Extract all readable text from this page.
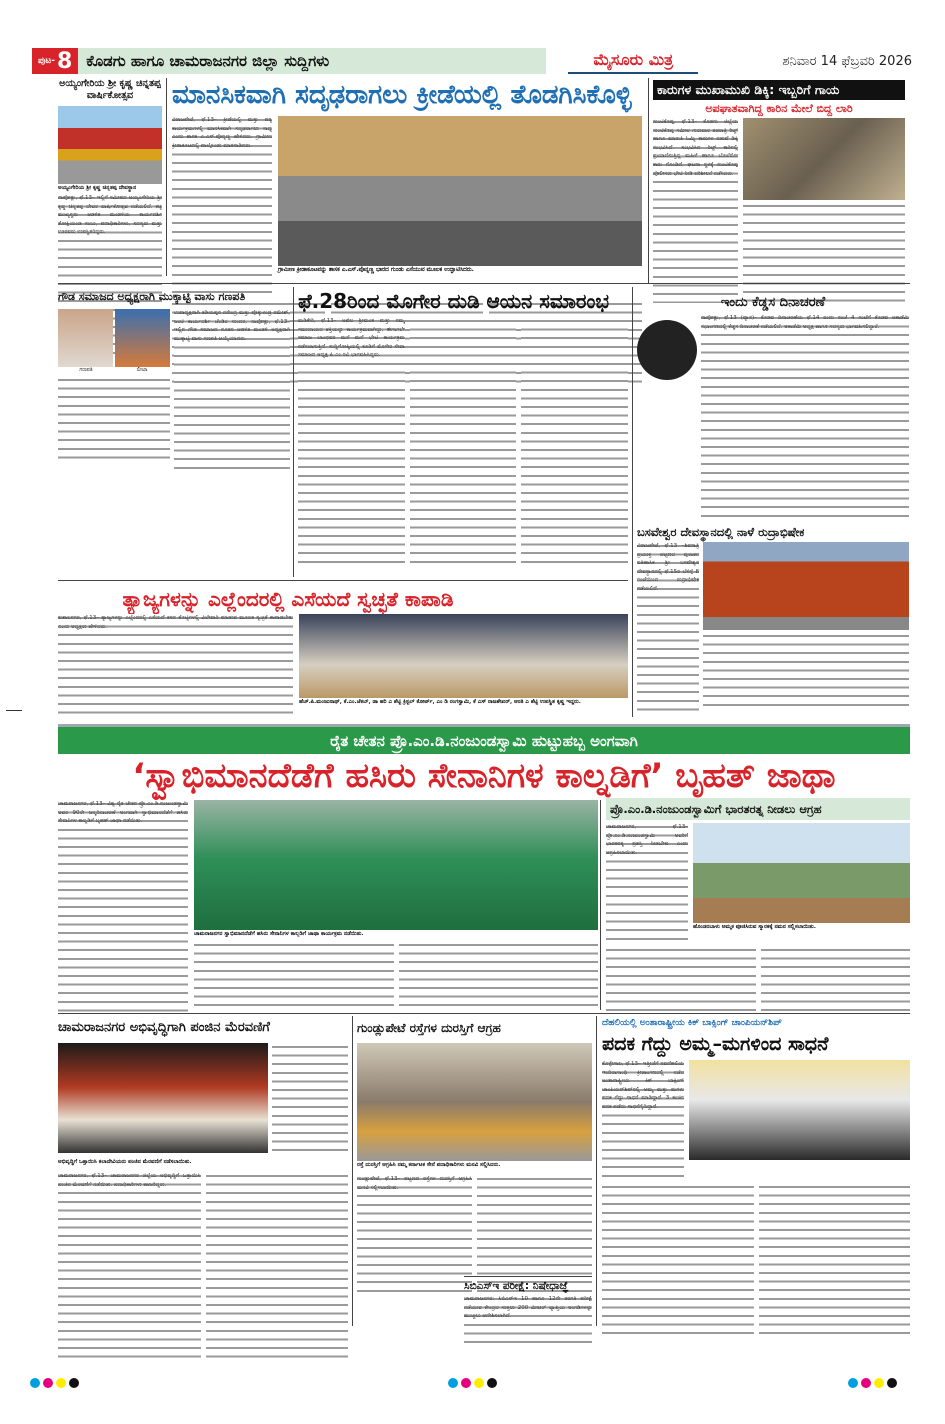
ಪುಟ- 8 ಕೊಡಗು ಹಾಗೂ ಚಾಮರಾಜನಗರ ಜಿಲ್ಲಾ ಸುದ್ದಿಗಳು	ಮೈಸೂರು ಮಿತ್ರ	ಶನಿವಾರ 14 ಫೆಬ್ರವರಿ 2026
ಅಯ್ಯಂಗೇರಿಯ ಶ್ರೀ ಕೃಷ್ಣ ಚಿನ್ನತಪ್ಪ ವಾರ್ಷಿಕೋತ್ಸವ
ಅಯ್ಯಂಗೇರಿಯ ಶ್ರೀ ಕೃಷ್ಣ ಚಿನ್ನತಪ್ಪ ದೇವಸ್ಥಾನ
ನಾಪೋಕ್ಲು, ಫೆ.13– ಇಲ್ಲಿಗೆ ಸಮೀಪದ ಅಯ್ಯಂಗೇರಿಯ ಶ್ರೀ ಕೃಷ್ಣ ಚಿನ್ನತಪ್ಪ ದೇವರ ವಾರ್ಷಿಕೋತ್ಸವ ನಡೆಯಲಿದೆ. ಕಟ್ಟ ಮುಖ್ಯಸ್ಥರು ಆಡಳಿತ ಮಂಡಳಿಯ ಕಾರ್ಯದರ್ಶಿ ತೋಕ್ಷಿಯಂಡ ಸಂಬು, ಪದಾಧಿಕಾರಿಗಳು, ಸದಸ್ಯರು ಮತ್ತು ಊರವರು ಉಪಸ್ಥಿತರಿದ್ದರು.
ಮಾನಸಿಕವಾಗಿ ಸದೃಢರಾಗಲು ಕ್ರೀಡೆಯಲ್ಲಿ ತೊಡಗಿಸಿಕೊಳ್ಳಿ
ವಿರಾಜಪೇಟೆ, ಫೆ.13– ಕ್ರೀಡೆಯಲ್ಲಿ ಮತ್ತು ಪಠ್ಯ ಕಾರ್ಯಕ್ರಮಗಳಲ್ಲಿ ಮಾನಸಿಕವಾಗಿ ಸದೃಢರಾಗಲು ಸಾಧ್ಯ ಎಂದು ಶಾಸಕ ಎ.ಎಸ್.ಪೊನ್ನಣ್ಣ ಹೇಳಿದರು. ಗ್ರಾಮೀಣ ಕ್ರೀಡಾಕೂಟದಲ್ಲಿ ಪಾಲ್ಗೊಂಡು ಮಾತನಾಡಿದರು.
ಗ್ರಾಮೀಣ ಕ್ರೀಡಾಕೂಟವನ್ನು ಶಾಸಕ ಎ.ಎಸ್.ಪೊನ್ನಣ್ಣ ಭಾರದ ಗುಂಡು ಎಸೆಯುವ ಮೂಲಕ ಉದ್ಘಾಟಿಸಿದರು.
ಕಾರುಗಳ ಮುಖಾಮುಖಿ ಡಿಕ್ಕಿ: ಇಬ್ಬರಿಗೆ ಗಾಯ
ಅಪಘಾತವಾಗಿದ್ದ ಕಾರಿನ ಮೇಲೆ ಬಿದ್ದ ಲಾರಿ
ಸುಂಟಿಕೊಪ್ಪ, ಫೆ.13– ಕೊಡಗು ಜಿಲ್ಲೆಯ ಸುಂಟಿಕೊಪ್ಪ ಸಮೀಪ ಗುರುವಾರ ತಡರಾತ್ರಿ ರಿಟ್ಜ್ ಹಾಗೂ ಮಾರುತಿ ಓಮ್ನಿ ಕಾರುಗಳ ನಡುವೆ ಡಿಕ್ಕಿ ಸಂಭವಿಸಿದೆ. ಸಂಭವಿಸಿದ ರಿಟ್ಜ್ ಕಾರಿನಲ್ಲಿ ಪ್ರಯಾಣಿಸುತ್ತಿದ್ದ ಮಹಿಳೆ ಹಾಗೂ ಬೊಲೆರೋ ಕಾರು ಗೊಂಡಿದೆ. ಘಟನಾ ಸ್ಥಳಕ್ಕೆ ಸುಂಟಿಕೊಪ್ಪ ಪೊಲೀಸರು ಭೇಟಿ ನೀಡಿ ಪರಿಶೀಲನೆ ನಡೆಸಿದರು.
ಗೌಡ ಸಮಾಜದ ಅಧ್ಯಕ್ಷರಾಗಿ ಮುಕ್ಕಾಟ್ಟಿ ವಾಸು ಗಣಪತಿ
ಗಣಪತಿ	ಲೀಲಾ
ಉಪಾಧ್ಯಕ್ಷರಾಗಿ ತಡಿಯಪ್ಪನ ನರೇಂದ್ರ ಮತ್ತು ಪೊಕ್ಕುಳಂಡ್ರ ರಮೇಶ್, ಜಂಟಿ ಕಾರ್ಯದರ್ಶಿ ಚೆಂಡಿರ ಸುಂದರ, ನಾಪೋಕ್ಲು, ಫೆ.13– ಇಲ್ಲಿನ ಗೌಡ ಸಮಾಜದ ನೂತನ ಆಡಳಿತ ಮಂಡಳಿ ಅಧ್ಯಕ್ಷರಾಗಿ ಮುಕ್ಕಾಟ್ಟಿ ವಾಸು ಗಣಪತಿ ಆಯ್ಕೆಯಾದರು.
ಫೆ.28ರಿಂದ ಮೊಗೇರ ದುಡಿ ಆಯನ ಸಮಾರಂಭ
ಮಡಿಕೇರಿ, ಫೆ.13– ಅಖಿಲ ಶ್ರೀಮಂತ ಮತ್ತು ನಮ್ಮ ಸಮುದಾಯದ ಶಕ್ತಿಯನ್ನು ಕಾರ್ಯಕ್ರಮವಾಗಿದ್ದು, ಈಗಾಗಲೇ ಸಮಾಜ ಬಾಂಧವರ ಮನೆ ಮನೆ ಭೇಟಿ ಕಾರ್ಯಕ್ರಮ ನಡೆಸಲಾಗುತ್ತಿದೆ. ಸುದ್ದಿಗೋಷ್ಠಿಯಲ್ಲಿ ಕೂಡಿಗೆ ಮೊಗೇರ ಸೇವಾ ಸಮಾಜದ ಅಧ್ಯಕ್ಷ ಪಿ.ಎಂ.ರವಿ ಭಾಗವಹಿಸಿದ್ದರು.
ಇಂದು ಕೆಡ್ಡಸ ದಿನಾಚರಣೆ
ನಾಪೋಕ್ಲು, ಫೆ.13 (ವ್ಯಾಸ)– ಕೊಡವ ದಿನಾಚರಣೆಯ ಫೆ.14 ರಂದು ಸಂಜೆ 4 ಗಂಟೆಗೆ ಕೊಡವ ಅಕಾಡೆಮಿ ಸಭಾಂಗಣದಲ್ಲಿ ಕೆಡ್ಡಸ ದಿನಾಚರಣೆ ನಡೆಯಲಿದೆ. ಅಕಾಡೆಮಿ ಅಧ್ಯಕ್ಷ ಹಾಗೂ ಸದಸ್ಯರು ಭಾಗವಹಿಸಲಿದ್ದಾರೆ.
ಬಸವೇಶ್ವರ ದೇವಸ್ಥಾನದಲ್ಲಿ ನಾಳೆ ರುದ್ರಾಭಿಷೇಕ
ವಿರಾಜಪೇಟೆ, ಫೆ.13 –ಶಿವರಾತ್ರಿ ಪ್ರಯುಕ್ತ ಪಟ್ಟಣದ ಪುರಾತನ ಐತಿಹಾಸಿಕ ಶ್ರೀ ಬಸವೇಶ್ವರ ದೇವಸ್ಥಾನದಲ್ಲಿ ಫೆ.15ರ ಬೆಳಿಗ್ಗೆ 8 ಗಂಟೆಯಿಂದ ರುದ್ರಾಭಿಷೇಕ ನಡೆಯಲಿದೆ.
ತ್ಯಾಜ್ಯಗಳನ್ನು ಎಲ್ಲೆಂದರಲ್ಲಿ ಎಸೆಯದೆ ಸ್ವಚ್ಛತೆ ಕಾಪಾಡಿ
ಕುಶಾಲನಗರ, ಫೆ.13– ತ್ಯಾಜ್ಯಗಳನ್ನು ಎಲ್ಲೆಂದರಲ್ಲಿ ಎಸೆಯದೆ ಕಸದ ತೊಟ್ಟಿಗಳಲ್ಲಿ ವಿಲೇವಾರಿ ಮಾಡುವ ಮೂಲಕ ಸ್ವಚ್ಛತೆ ಕಾಪಾಡಬೇಕು ಎಂದು ಅಧ್ಯಕ್ಷರು ಹೇಳಿದರು.
ಹೆಚ್.ಪಿ.ಮಂಜುನಾಥ್, ಕೆ.ಎಂ.ಜೆಕಬ್, ಡಾ ಹರಿ ಎ ಶೆಟ್ಟಿ ಕ್ರಿಸ್ಟಲ್ ಕೋರ್ಟ್, ಎಂ ಡಿ ರಂಗಸ್ವಾಮಿ, ಕೆ ಎಸ್ ರಾಜಶೇಖರ್, ಆರತಿ ಎ ಶೆಟ್ಟಿ ಉಪಸ್ಥಿತ ಕೃಷ್ಣ ಇದ್ದರು.
ರೈತ ಚೇತನ ಪ್ರೊ.ಎಂ.ಡಿ.ನಂಜುಂಡಸ್ವಾಮಿ ಹುಟ್ಟುಹಬ್ಬ ಅಂಗವಾಗಿ
‘ಸ್ವಾಭಿಮಾನದೆಡೆಗೆ ಹಸಿರು ಸೇನಾನಿಗಳ ಕಾಲ್ನಡಿಗೆ’ ಬೃಹತ್ ಜಾಥಾ
ಚಾಮರಾಜನಗರ, ಫೆ.13– ವಿಶ್ವ ರೈತ ಚೇತನ ಪ್ರೊ.ಎಂ.ಡಿ.ನಂಜುಂಡಸ್ವಾಮಿ ಅವರ 90ನೇ ಜನ್ಮದಿನಾಚರಣೆ ಅಂಗವಾಗಿ ಸ್ವಾಭಿಮಾನದೆಡೆಗೆ ಹಸಿರು ಸೇನಾನಿಗಳ ಕಾಲ್ನಡಿಗೆ ಬೃಹತ್ ಜಾಥಾ ನಡೆಯಿತು.
ಚಾಮರಾಜನಗರ ಸ್ವಾಭಿಮಾನದೆಡೆಗೆ ಹಸಿರು ಸೇನಾನಿಗಳ ಕಾಲ್ನಡಿಗೆ ಜಾಥಾ ಕಾರ್ಯಕ್ರಮ ನಡೆಯಿತು.
ಪ್ರೊ.ಎಂ.ಡಿ.ನಂಜುಂಡಸ್ವಾಮಿಗೆ ಭಾರತರತ್ನ ನೀಡಲು ಆಗ್ರಹ
ಚಾಮರಾಜನಗರ, ಫೆ.13– ಪ್ರೊ.ಎಂ.ಡಿ.ನಂಜುಂಡಸ್ವಾಮಿ ಅವರಿಗೆ ಭಾರತರತ್ನ ಪ್ರಶಸ್ತಿ ನೀಡಬೇಕು ಎಂದು ಆಗ್ರಹಿಸಲಾಯಿತು.
ಹೊಂಡರಬಾಳು ಅಮ್ಮಕ ಪೂಜಿಸಿರುವ ಸ್ಮಾರಕಕ್ಕೆ ನಮನ ಸಲ್ಲಿಸಲಾಯಿತು.
ಚಾಮರಾಜನಗರ ಅಭಿವೃದ್ಧಿಗಾಗಿ ಪಂಜಿನ ಮೆರವಣಿಗೆ
ಅಭಿವೃದ್ಧಿಗೆ ಒತ್ತಾಯಿಸಿ ಕಲಾದೇವಿಯರು ಪಂಜಿನ ಮೆರವಣಿಗೆ ನಡೆಸಲಾಯಿತು.
ಚಾಮರಾಜನಗರ, ಫೆ.13– ಚಾಮರಾಜನಗರ ಜಿಲ್ಲೆಯ ಅಭಿವೃದ್ಧಿಗೆ ಒತ್ತಾಯಿಸಿ ಪಂಜಿನ ಮೆರವಣಿಗೆ ನಡೆಯಿತು. ಪದಾಧಿಕಾರಿಗಳು ಹಾಜರಿದ್ದರು.
ಗುಂಡ್ಲುಪೇಟೆ ರಸ್ತೆಗಳ ದುರಸ್ತಿಗೆ ಆಗ್ರಹ
ರಸ್ತೆ ದುರಸ್ತಿಗೆ ಆಗ್ರಹಿಸಿ ನಮ್ಮ ಕರ್ನಾಟಕ ಸೇನೆ ಪದಾಧಿಕಾರಿಗಳು ಮನವಿ ಸಲ್ಲಿಸಿದರು.
ಗುಂಡ್ಲುಪೇಟೆ, ಫೆ.13– ಪಟ್ಟಣದ ರಸ್ತೆಗಳ ದುರಸ್ತಿಗೆ ಆಗ್ರಹಿಸಿ ಮನವಿ ಸಲ್ಲಿಸಲಾಯಿತು.
ದೆಹಲಿಯಲ್ಲಿ ಅಂತಾರಾಷ್ಟ್ರೀಯ ಕಿಕ್ ಬಾಕ್ಸಿಂಗ್ ಚಾಂಪಿಯನ್‌ಶಿಪ್
ಪದಕ ಗೆದ್ದು ಅಮ್ಮ–ಮಗಳಿಂದ ಸಾಧನೆ
ಕೊಳ್ಳೇಗಾಲ, ಫೆ.13– ಇತ್ತೀಚೆಗೆ ನವದೆಹಲಿಯ ಇಂದಿರಾಗಾಂಧಿ ಕ್ರೀಡಾಂಗಣದಲ್ಲಿ ನಡೆದ ಅಂತಾರಾಷ್ಟ್ರೀಯ ಕಿಕ್ ಬಾಕ್ಸಿಂಗ್ ಚಾಂಪಿಯನ್‌ಶಿಪ್‌ನಲ್ಲಿ ಅಮ್ಮ ಮತ್ತು ಮಗಳು ಪದಕ ಗೆದ್ದು ಸಾಧನೆ ಮಾಡಿದ್ದಾರೆ. 3 ಕಂಚಿನ ಪದಕ ಪಡೆದು ಸಾಧನೆಗೈದಿದ್ದಾರೆ.
ಸಿಬಿಎಸ್‌ಇ ಪರೀಕ್ಷೆ: ನಿಷೇಧಾಜ್ಞೆ
ಚಾಮರಾಜನಗರ: ಸಿಬಿಎಸ್‌ಇ 10 ಹಾಗೂ 12ನೇ ತರಗತಿ ಪರೀಕ್ಷೆ ನಡೆಯುವ ಕೇಂದ್ರದ ಸುತ್ತಲು 200 ಮೀಟರ್ ವ್ಯಾಪ್ತಿಯ ಅಂಗಡಿಗಳನ್ನು ಮುಚ್ಚಲು ಆದೇಶಿಸಲಾಗಿದೆ.
